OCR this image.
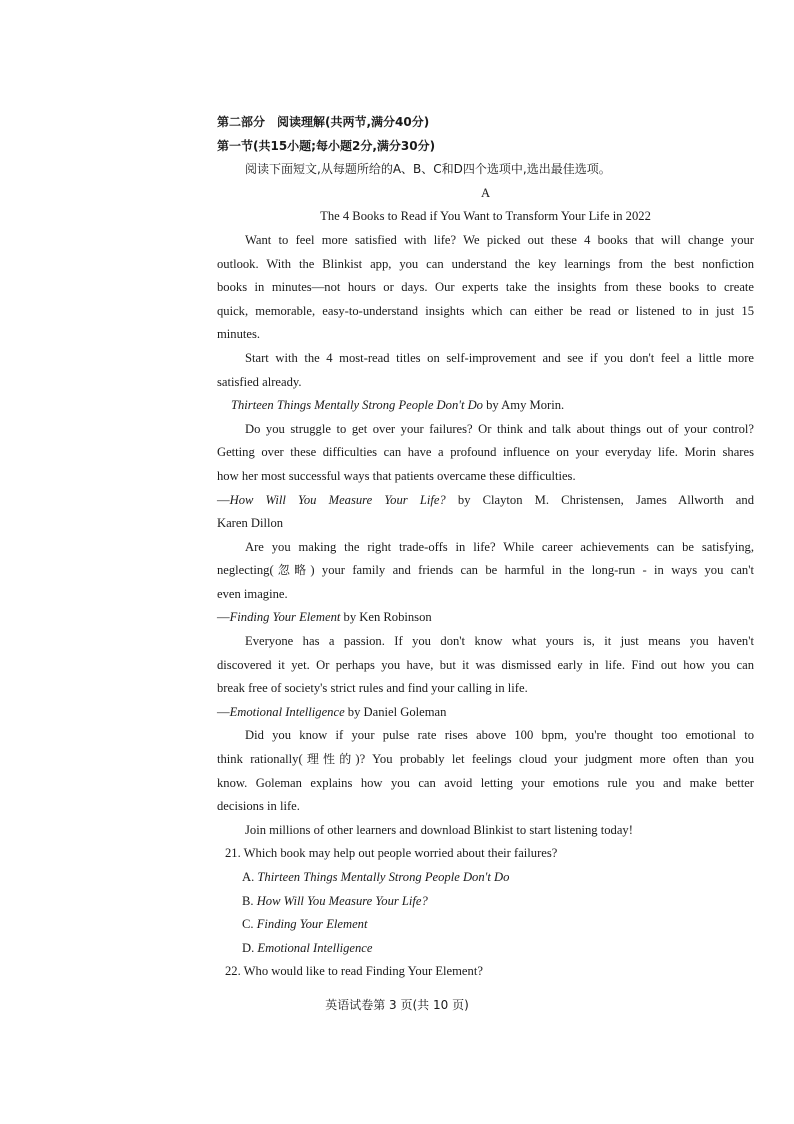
第二部分　阅读理解(共两节,满分40分)
第一节(共15小题;每小题2分,满分30分)
阅读下面短文,从每题所给的A、B、C和D四个选项中,选出最佳选项。
A
The 4 Books to Read if You Want to Transform Your Life in 2022
Want to feel more satisfied with life? We picked out these 4 books that will change your
outlook. With the Blinkist app, you can understand the key learnings from the best nonfiction
books in minutes—not hours or days. Our experts take the insights from these books to create
quick, memorable, easy-to-understand insights which can either be read or listened to in just 15
minutes.
Start with the 4 most-read titles on self-improvement and see if you don't feel a little more
satisfied already.
Thirteen Things Mentally Strong People Don't Do by Amy Morin.
Do you struggle to get over your failures? Or think and talk about things out of your control?
Getting over these difficulties can have a profound influence on your everyday life. Morin shares
how her most successful ways that patients overcame these difficulties.
—How Will You Measure Your Life? by Clayton M. Christensen, James Allworth and
Karen Dillon
Are you making the right trade-offs in life? While career achievements can be satisfying,
neglecting(忽略) your family and friends can be harmful in the long-run - in ways you can't
even imagine.
—Finding Your Element by Ken Robinson
Everyone has a passion. If you don't know what yours is, it just means you haven't
discovered it yet. Or perhaps you have, but it was dismissed early in life. Find out how you can
break free of society's strict rules and find your calling in life.
—Emotional Intelligence by Daniel Goleman
Did you know if your pulse rate rises above 100 bpm, you're thought too emotional to
think rationally(理性的)? You probably let feelings cloud your judgment more often than you
know. Goleman explains how you can avoid letting your emotions rule you and make better
decisions in life.
Join millions of other learners and download Blinkist to start listening today!
21. Which book may help out people worried about their failures?
A. Thirteen Things Mentally Strong People Don't Do
B. How Will You Measure Your Life?
C. Finding Your Element
D. Emotional Intelligence
22. Who would like to read Finding Your Element?
英语试卷第 3 页(共 10 页)
